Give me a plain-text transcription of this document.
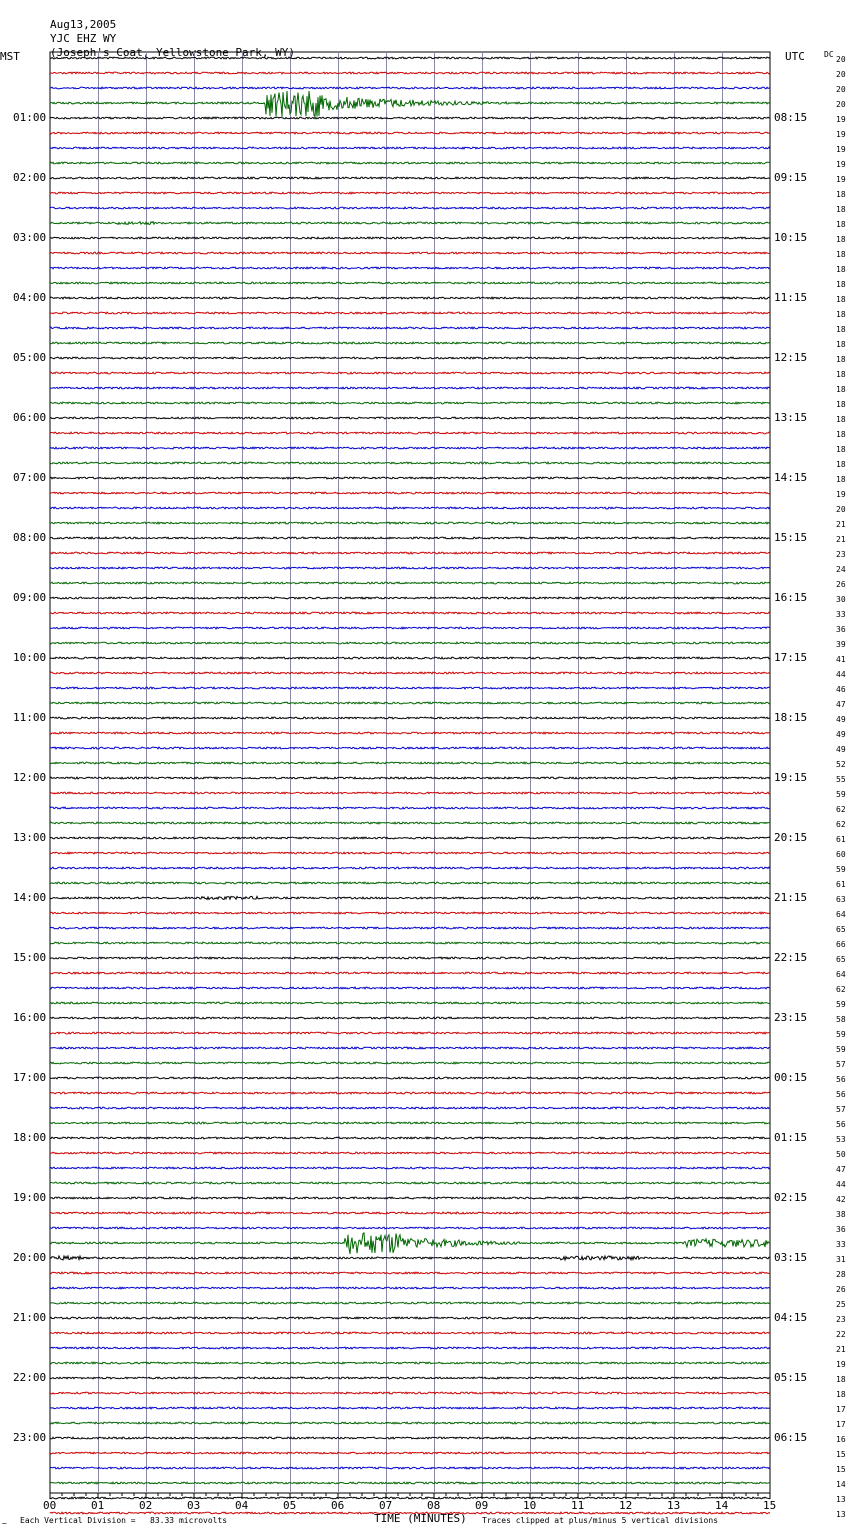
Aug13,2005
YJC EHZ WY
(Joseph's Coat, Yellowstone Park, WY)

MST	UTC DC
00	01	02	03	04	05	06	07	08	09	10	11	12	13	14	15
20
20
20
20
19
19
19
19
19
18
18
18
18
18
18
18
18
18
18
18
18
18
18
18
18
18
18
18
18
19
20
21
21
23
24
26
30
33
36
39
41
44
46
47
49
49
49
52
55
59
62
62
61
60
59
61
63
64
65
66
65
64
62
59
58
59
59
57
56
56
57
56
53
50
47
44
42
38
36
33
31
28
26
25
23
22
21
19
18
18
17
17
16
15
15
14
13
13
01:00
02:00
03:00
04:00
05:00
06:00
07:00
08:00
09:00
10:00
11:00
12:00
13:00
14:00
15:00
16:00
17:00
18:00
19:00
20:00
21:00
22:00
23:00
08:15
09:15
10:15
11:15
12:15
13:15
14:15
15:15
16:15
17:15
18:15
19:15
20:15
21:15
22:15
23:15
00:15
01:15
02:15
03:15
04:15
05:15
06:15
~ Each Vertical Division =   83.33 microvolts	TIME (MINUTES) Traces clipped at plus/minus 5 vertical divisions
